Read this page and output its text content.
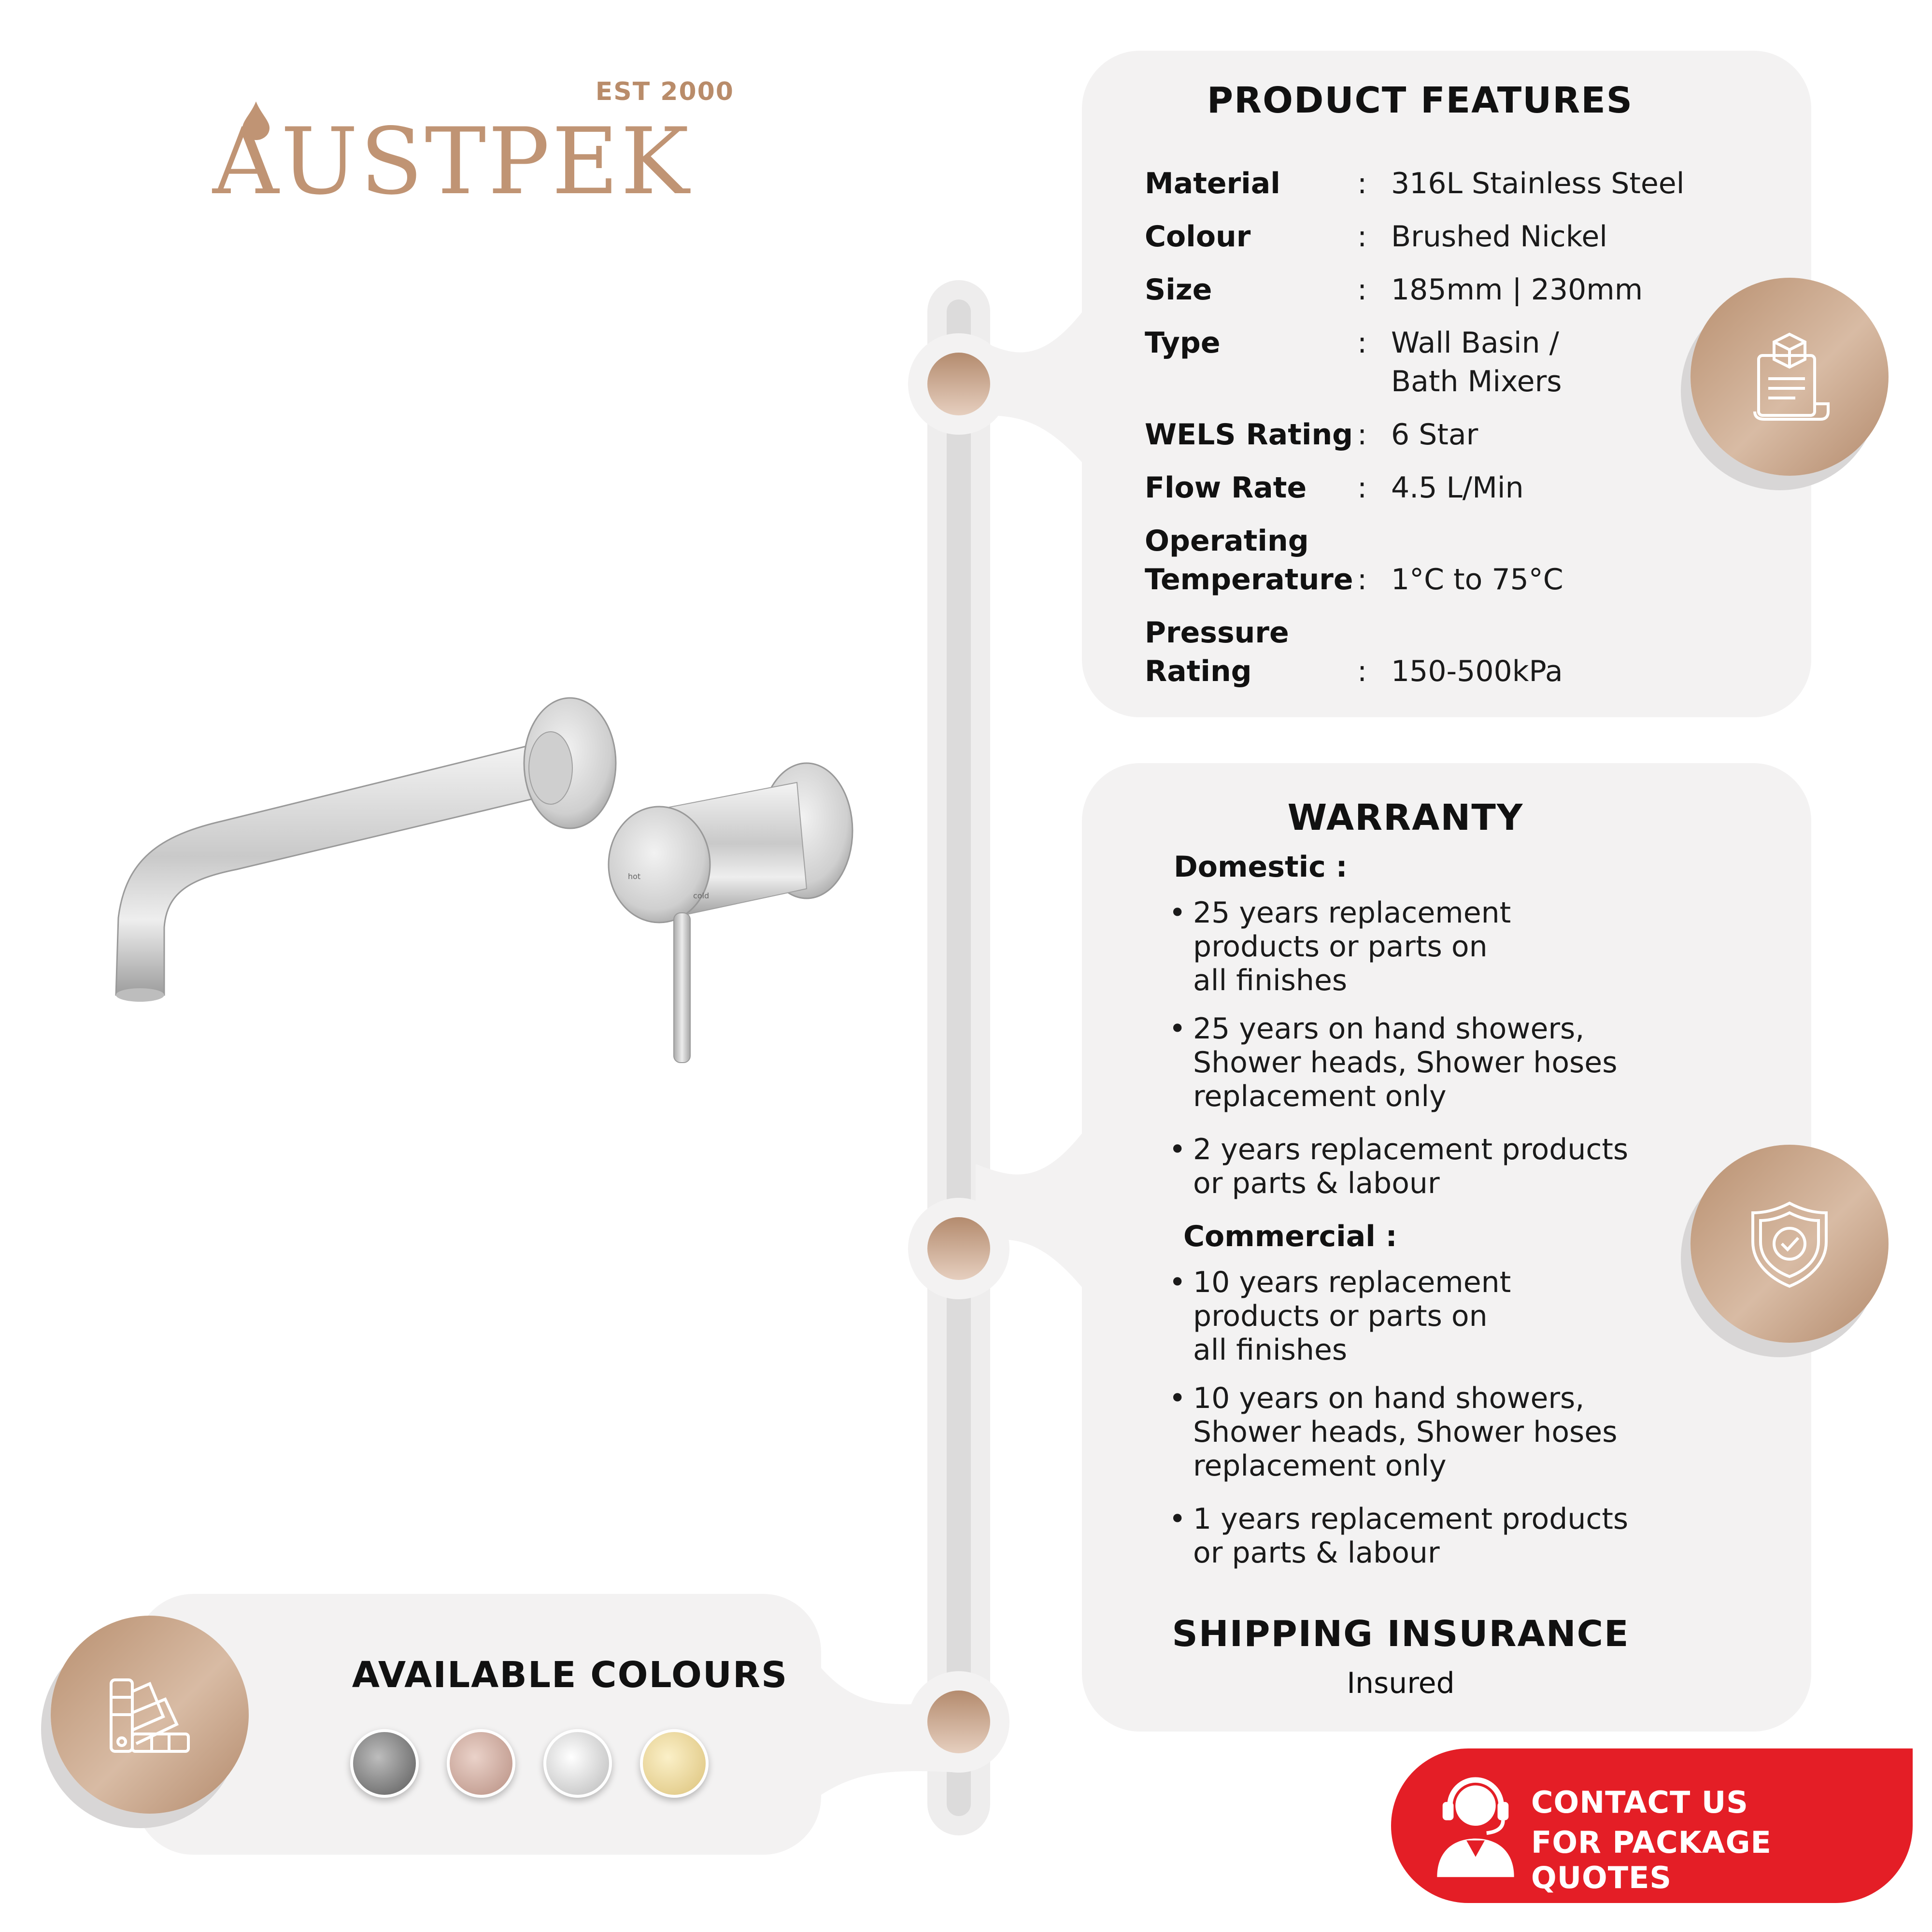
EST 2000
AUSTPEK
hot
cold
PRODUCT FEATURES
Material	: 316L Stainless Steel
Colour	: Brushed Nickel
Size	: 185mm | 230mm
Type	: Wall Basin /
Bath Mixers
WELS Rating : 6 Star
Flow Rate	: 4.5 L/Min
Operating
Temperature : 1°C to 75°C
Pressure
Rating	: 150-500kPa
WARRANTY
Domestic :
• 25 years replacement
products or parts on
all finishes
• 25 years on hand showers,
Shower heads, Shower hoses
replacement only
• 2 years replacement products
or parts & labour
Commercial :
• 10 years replacement
products or parts on
all finishes
• 10 years on hand showers,
Shower heads, Shower hoses
replacement only
• 1 years replacement products
or parts & labour
SHIPPING INSURANCE
Insured
AVAILABLE COLOURS
CONTACT US
FOR PACKAGE QUOTES
